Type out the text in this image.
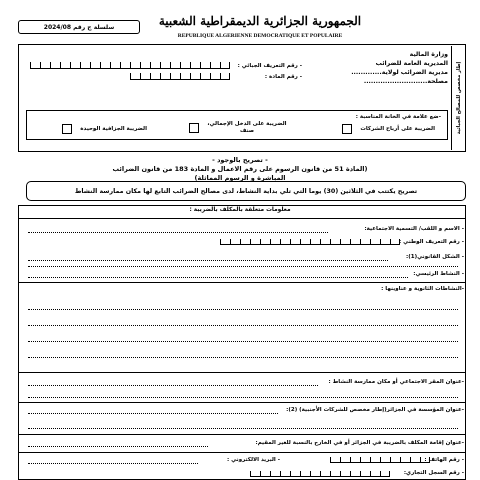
سلسلة ج رقم 2024/08	الجمهورية الجزائرية الديمقراطية الشعبية
REPUBLIQUE ALGERIENNE DEMOCRATIQUE ET POPULAIRE
إطار مخصص للمصالح الجبائية
وزارة المالية
المديرية العامة للضرائب
مديرية الضرائب لولاية.............
مصلحة...........................
- رقم التعريف الجبائي :
- رقم المادة :
-ضع علامة في الخانة المناسبة :
الضريبة على أرباح الشركات
الضريبة على الدخل الإجمالي، صنف
الضريبة الجزافية الوحيدة
- تصريح بالوجود -
(المادة 51 من قانون الرسوم على رقم الاعمال و المادة 183 من قانون الضرائب المباشرة و الرسوم المماثلة)
تصريح يكتتب في الثلاثين (30) يوما التي تلي بداية النشاط، لدى مصالح الضرائب التابع لها مكان ممارسة النشاط
معلومات متعلقة بالمكلف بالضريبة :
- الاسم و اللقب/ التسمية الاجتماعية:
- رقم التعريف الوطني :
- الشكل القانوني(1):
- النشاط الرئيسي:
-النشاطات الثانوية و عناوينها :
-عنوان المقر الاجتماعي أو مكان ممارسة النشاط :
-عنوان المؤسسة في الجزائر(إطار مخصص للشركات الأجنبية) (2):
-عنوان إقامة المكلف بالضريبة في الجزائر أو في الخارج بالنسبة للغير المقيم:
- رقم الهاتف :
- البريد الالكتروني :
- رقم السجل التجاري:
